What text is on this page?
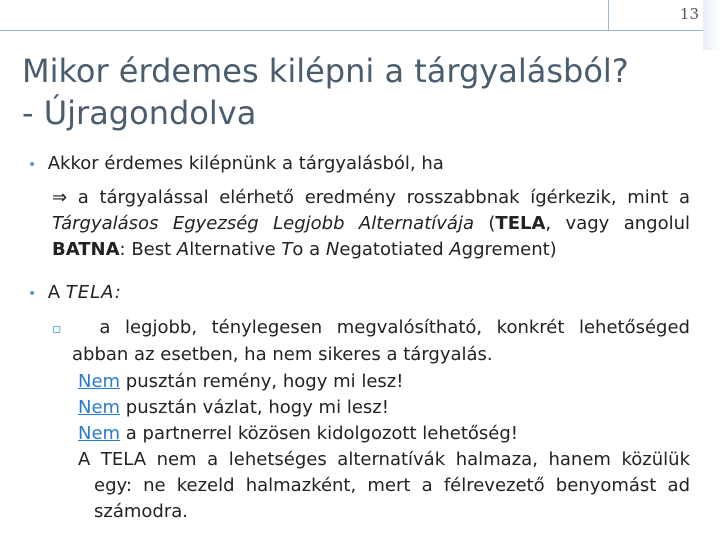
13
Mikor érdemes kilépni a tárgyalásból?
- Újragondolva
• Akkor érdemes kilépnünk a tárgyalásból, ha
⇒ a tárgyalással elérhető eredmény rosszabbnak ígérkezik, mint a
Tárgyalásos Egyezség Legjobb Alternatívája (TELA, vagy angolul
BATNA: Best Alternative To a Negatotiated Aggrement)
• A TELA:
▫ a legjobb, ténylegesen megvalósítható, konkrét lehetőséged
abban az esetben, ha nem sikeres a tárgyalás.
Nem pusztán remény, hogy mi lesz!
Nem pusztán vázlat, hogy mi lesz!
Nem a partnerrel közösen kidolgozott lehetőség!
A TELA nem a lehetséges alternatívák halmaza, hanem közülük
egy: ne kezeld halmazként, mert a félrevezető benyomást ad
számodra.
